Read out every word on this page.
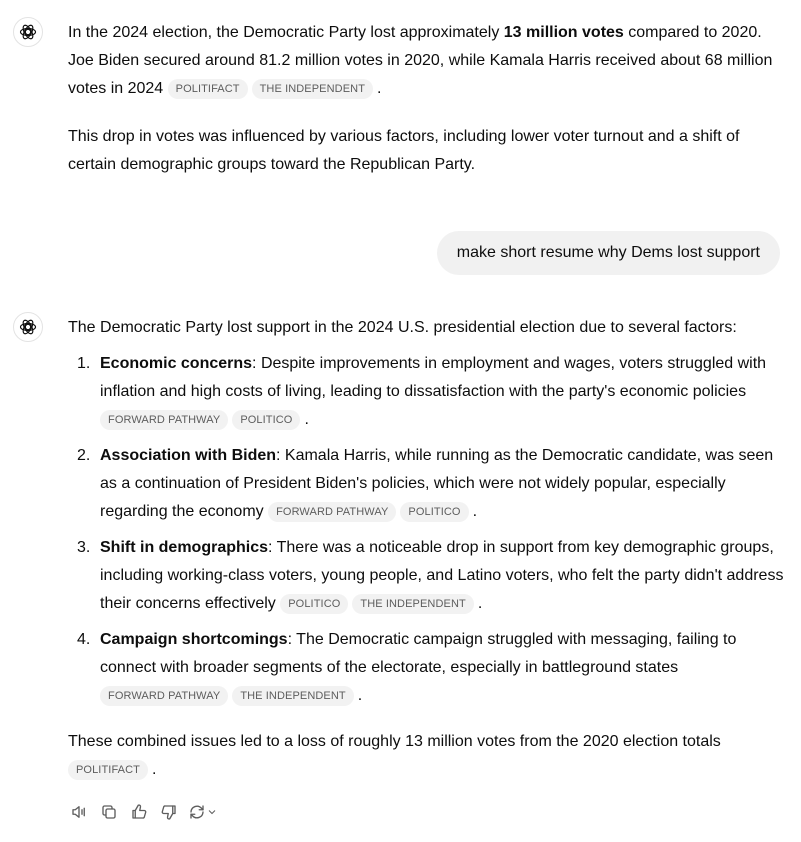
In the 2024 election, the Democratic Party lost approximately 13 million votes compared to 2020. Joe Biden secured around 81.2 million votes in 2020, while Kamala Harris received about 68 million votes in 2024 POLITIFACT THE INDEPENDENT .

This drop in votes was influenced by various factors, including lower voter turnout and a shift of certain demographic groups toward the Republican Party.

make short resume why Dems lost support

The Democratic Party lost support in the 2024 U.S. presidential election due to several factors:

1. Economic concerns: Despite improvements in employment and wages, voters struggled with inflation and high costs of living, leading to dissatisfaction with the party's economic policies
FORWARD PATHWAY POLITICO .
2. Association with Biden: Kamala Harris, while running as the Democratic candidate, was seen as a continuation of President Biden's policies, which were not widely popular, especially regarding the economy FORWARD PATHWAY POLITICO .
3. Shift in demographics: There was a noticeable drop in support from key demographic groups, including working-class voters, young people, and Latino voters, who felt the party didn't address their concerns effectively POLITICO THE INDEPENDENT .
4. Campaign shortcomings: The Democratic campaign struggled with messaging, failing to connect with broader segments of the electorate, especially in battleground states
FORWARD PATHWAY THE INDEPENDENT .

These combined issues led to a loss of roughly 13 million votes from the 2020 election totals
POLITIFACT .
